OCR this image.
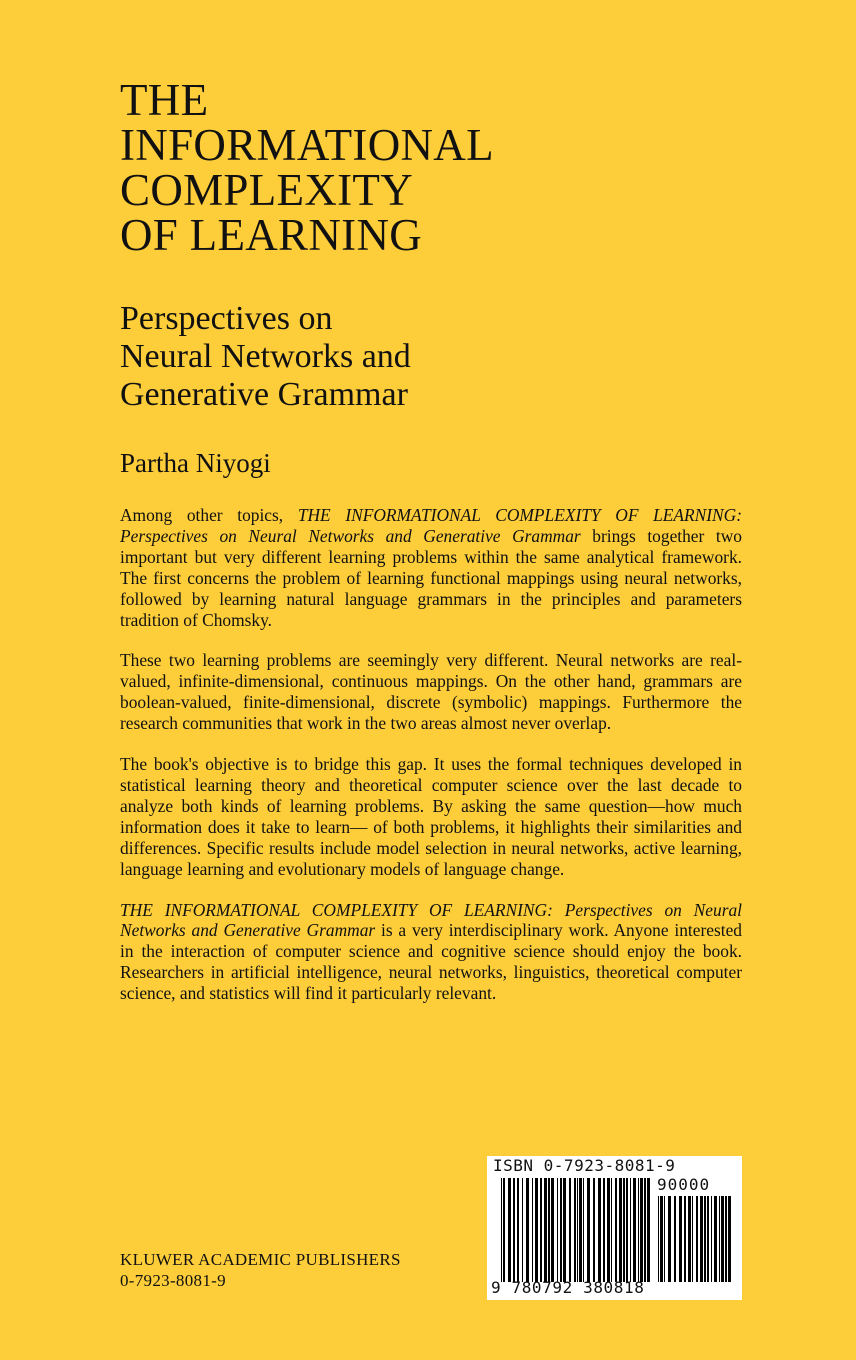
THE
INFORMATIONAL
COMPLEXITY
OF LEARNING
Perspectives on
Neural Networks and
Generative Grammar
Partha Niyogi

Among other topics, THE INFORMATIONAL COMPLEXITY OF LEARNING: Perspectives on Neural Networks and Generative Grammar brings together two important but very different learning problems within the same analytical framework. The first concerns the problem of learning functional mappings using neural networks, followed by learning natural language grammars in the principles and parameters tradition of Chomsky.

These two learning problems are seemingly very different. Neural networks are real-valued, infinite-dimensional, continuous mappings. On the other hand, grammars are boolean-valued, finite-dimensional, discrete (symbolic) mappings. Furthermore the research communities that work in the two areas almost never overlap.

The book's objective is to bridge this gap. It uses the formal techniques developed in statistical learning theory and theoretical computer science over the last decade to analyze both kinds of learning problems. By asking the same question—how much information does it take to learn— of both problems, it highlights their similarities and differences. Specific results include model selection in neural networks, active learning, language learning and evolutionary models of language change.

THE INFORMATIONAL COMPLEXITY OF LEARNING: Perspectives on Neural Networks and Generative Grammar is a very interdisciplinary work. Anyone interested in the interaction of computer science and cognitive science should enjoy the book. Researchers in artificial intelligence, neural networks, linguistics, theoretical computer science, and statistics will find it particularly relevant.

KLUWER ACADEMIC PUBLISHERS
0-7923-8081-9
ISBN 0-7923-8081-9
90000
9 780792 380818
